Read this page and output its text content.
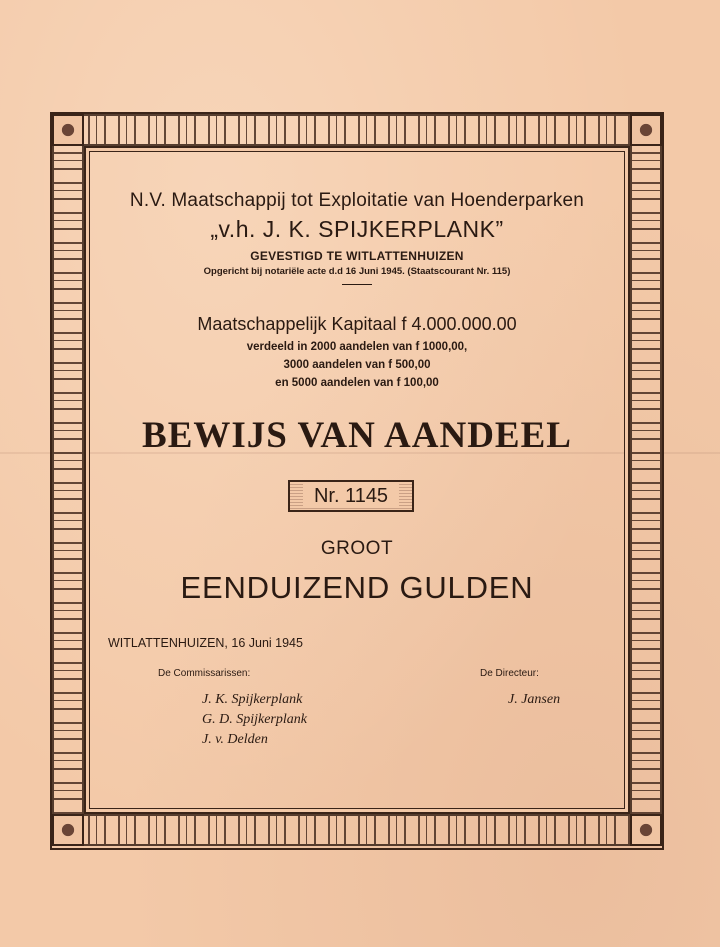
N.V. Maatschappij tot Exploitatie van Hoenderparken
„v.h. J. K. SPIJKERPLANK”
GEVESTIGD TE WITLATTENHUIZEN
Opgericht bij notariële acte d.d 16 Juni 1945. (Staatscourant Nr. 115)
Maatschappelijk Kapitaal f 4.000.000.00
verdeeld in 2000 aandelen van f 1000,00,
3000 aandelen van f 500,00
en 5000 aandelen van f 100,00
BEWIJS VAN AANDEEL
Nr. 1145
GROOT
EENDUIZEND GULDEN
WITLATTENHUIZEN, 16 Juni 1945
De Commissarissen:	De Directeur:
J. K. Spijkerplank
G. D. Spijkerplank
J. v. Delden
J. Jansen
